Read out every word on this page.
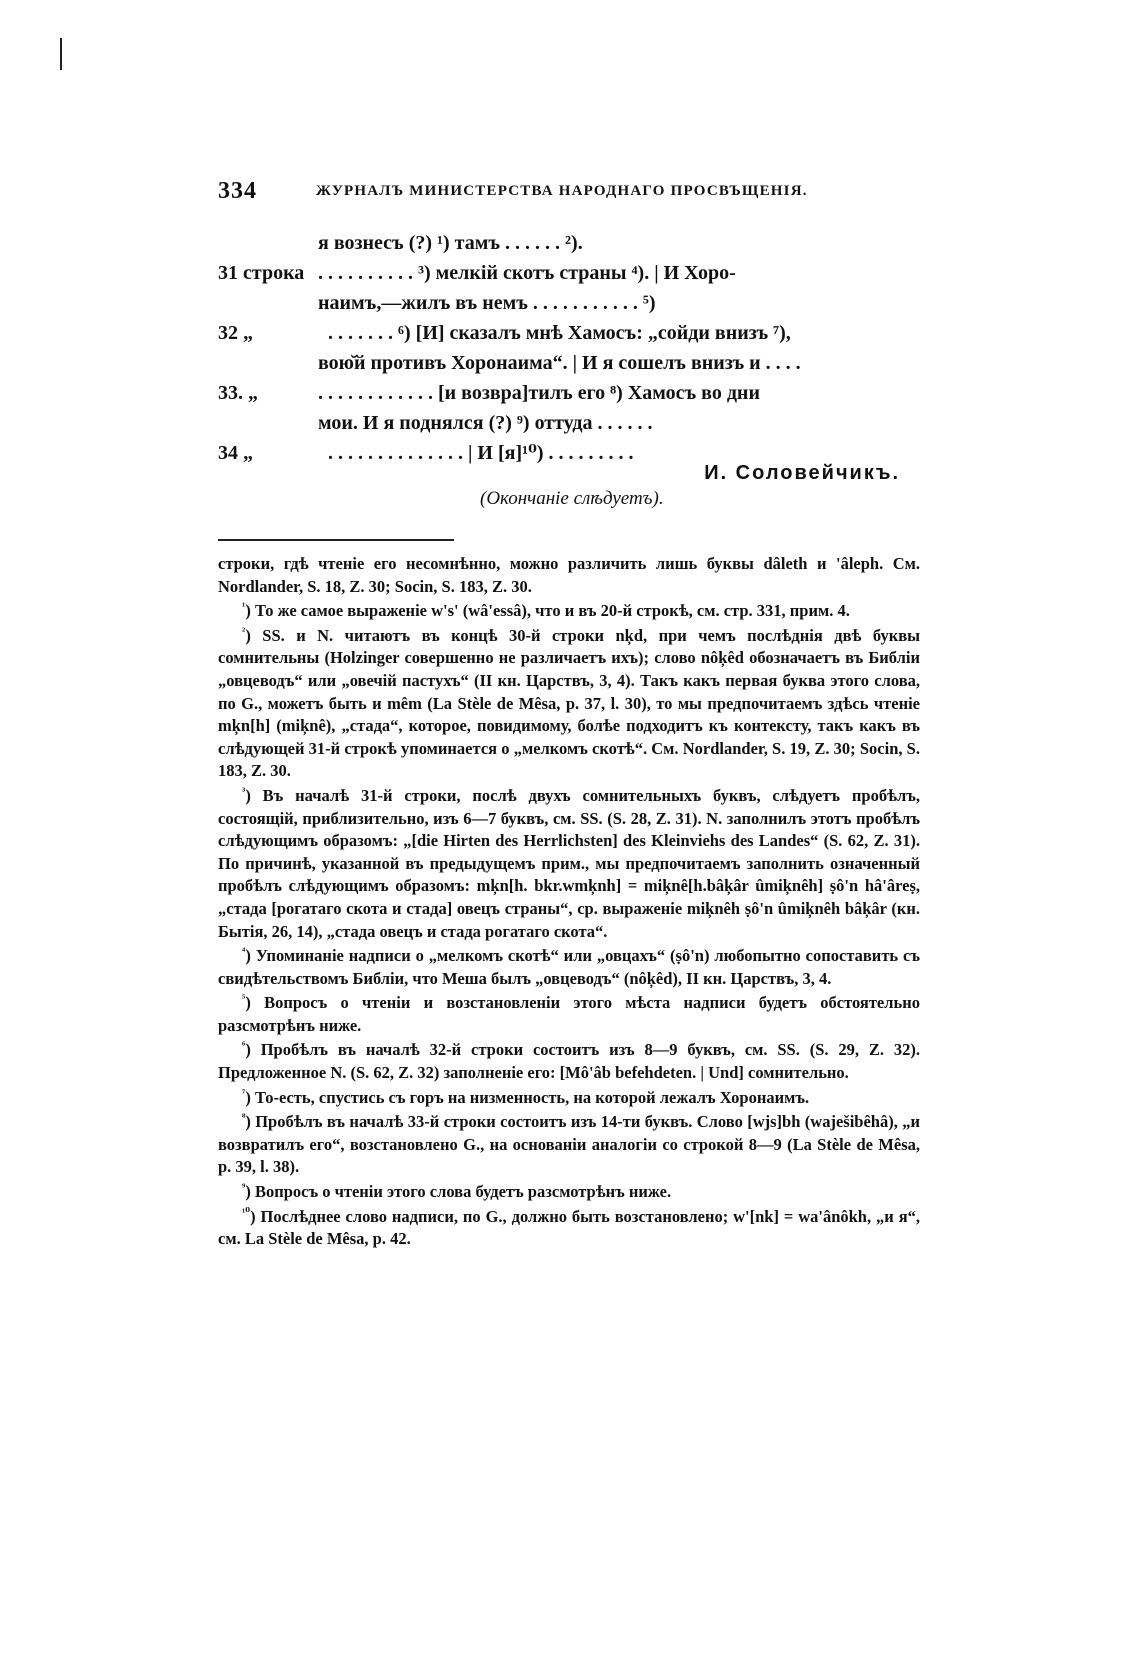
334	ЖУРНАЛЪ МИНИСТЕРСТВА НАРОДНАГО ПРОСВЪЩЕНІЯ.
я вознесъ (?) ¹) тамъ . . . . . . ²).
31 строка . . . . . . . . . . ³) мелкій скотъ страны ⁴). | И Хоро-
наимъ,—жилъ въ немъ . . . . . . . . . . . ⁵)
32 „	. . . . . . . ⁶) [И] сказалъ мнѣ Хамосъ: „сойди внизъ ⁷),
вою̆й противъ Хоронаима“. | И я сошелъ внизъ и . . . .
33. „	. . . . . . . . . . . . [и возвра]тилъ его ⁸) Хамосъ во дни
мои. И я поднялся (?) ⁹) оттуда . . . . . .
34 „	. . . . . . . . . . . . . . | И [я]¹⁰) . . . . . . . . .
И. Соловейчикъ.
(Окончаніе слѣдуетъ).

строки, гдѣ чтеніе его несомнѣнно, можно различить лишь буквы dâleth и 'âleph. См. Nordlander, S. 18, Z. 30; Socin, S. 183, Z. 30.

$^{^1}$) То же самое выраженіе w's' (wâ'essâ), что и въ 20-й строкѣ, см. стр. 331, прим. 4.

$^{^2}$) SS. и N. читаютъ въ концѣ 30-й строки nķd, при чемъ послѣднія двѣ буквы сомнительны (Holzinger совершенно не различаетъ ихъ); слово nôķêd обозначаетъ въ Библіи „овцеводъ“ или „овечій пастухъ“ (II кн. Царствъ, 3, 4). Такъ какъ первая буква этого слова, по G., можетъ быть и mêm (La Stèle de Mêsa, p. 37, l. 30), то мы предпочитаемъ здѣсь чтеніе mķn[h] (miķnê), „стада“, которое, повидимому, болѣе подходитъ къ контексту, такъ какъ въ слѣдующей 31-й строкѣ упоминается о „мелкомъ скотѣ“. См. Nordlander, S. 19, Z. 30; Socin, S. 183, Z. 30.

$^{^3}$) Въ началѣ 31-й строки, послѣ двухъ сомнительныхъ буквъ, слѣдуетъ пробѣлъ, состоящій, приблизительно, изъ 6—7 буквъ, см. SS. (S. 28, Z. 31). N. заполнилъ этотъ пробѣлъ слѣдующимъ образомъ: „[die Hirten des Herrlichsten] des Kleinviehs des Landes“ (S. 62, Z. 31). По причинѣ, указанной въ предыдущемъ прим., мы предпочитаемъ заполнить означенный пробѣлъ слѣдующимъ образомъ: mķn[h. bkr.wmķnh] = miķnê[h.bâķâr ûmiķnêh] ṣô'n hâ'âreṣ, „стада [рогатаго скота и стада] овецъ страны“, ср. выраженіе miķnêh ṣô'n ûmiķnêh bâķâr (кн. Бытія, 26, 14), „стада овецъ и стада рогатаго скота“.

$^{^4}$) Упоминаніе надписи о „мелкомъ скотѣ“ или „овцахъ“ (ṣô'n) любопытно сопоставить съ свидѣтельствомъ Библіи, что Меша былъ „овцеводъ“ (nôķêd), II кн. Царствъ, 3, 4.

$^{^5}$) Вопросъ о чтеніи и возстановленіи этого мѣста надписи будетъ обстоятельно разсмотрѣнъ ниже.

$^{^6}$) Пробѣлъ въ началѣ 32-й строки состоитъ изъ 8—9 буквъ, см. SS. (S. 29, Z. 32). Предложенное N. (S. 62, Z. 32) заполненіе его: [Mô'âb befehdeten. | Und] сомнительно.

$^{^7}$) То-есть, спустись съ горъ на низменность, на которой лежалъ Хоронаимъ.

$^{^8}$) Пробѣлъ въ началѣ 33-й строки состоитъ изъ 14-ти буквъ. Слово [wjs]bh (waješibêhâ), „и возвратилъ его“, возстановлено G., на основаніи аналогіи со строкой 8—9 (La Stèle de Mêsa, p. 39, l. 38).

$^{^9}$) Вопросъ о чтеніи этого слова будетъ разсмотрѣнъ ниже.

$^{^{10}}$) Послѣднее слово надписи, по G., должно быть возстановлено; w'[nk] = wa'ânôkh, „и я“, см. La Stèle de Mêsa, p. 42.
